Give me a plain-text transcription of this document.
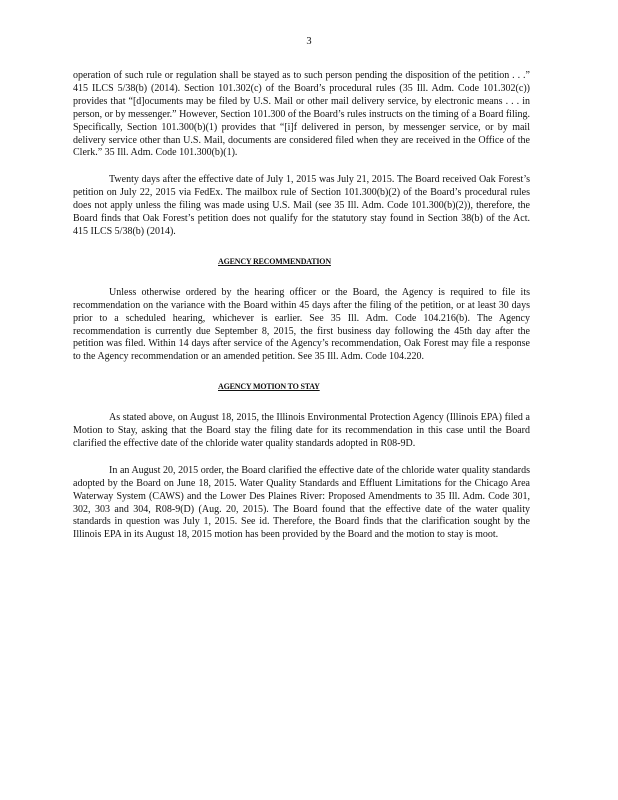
3

operation of such rule or regulation shall be stayed as to such person pending the disposition of the petition . . .” 415 ILCS 5/38(b) (2014). Section 101.302(c) of the Board’s procedural rules (35 Ill. Adm. Code 101.302(c)) provides that “[d]ocuments may be filed by U.S. Mail or other mail delivery service, by electronic means . . . in person, or by messenger.” However, Section 101.300 of the Board’s rules instructs on the timing of a Board filing. Specifically, Section 101.300(b)(1) provides that “[i]f delivered in person, by messenger service, or by mail delivery service other than U.S. Mail, documents are considered filed when they are received in the Office of the Clerk.” 35 Ill. Adm. Code 101.300(b)(1).

Twenty days after the effective date of July 1, 2015 was July 21, 2015. The Board received Oak Forest’s petition on July 22, 2015 via FedEx. The mailbox rule of Section 101.300(b)(2) of the Board’s procedural rules does not apply unless the filing was made using U.S. Mail (see 35 Ill. Adm. Code 101.300(b)(2)), therefore, the Board finds that Oak Forest’s petition does not qualify for the statutory stay found in Section 38(b) of the Act. 415 ILCS 5/38(b) (2014).

AGENCY RECOMMENDATION

Unless otherwise ordered by the hearing officer or the Board, the Agency is required to file its recommendation on the variance with the Board within 45 days after the filing of the petition, or at least 30 days prior to a scheduled hearing, whichever is earlier. See 35 Ill. Adm. Code 104.216(b). The Agency recommendation is currently due September 8, 2015, the first business day following the 45th day after the petition was filed. Within 14 days after service of the Agency’s recommendation, Oak Forest may file a response to the Agency recommendation or an amended petition. See 35 Ill. Adm. Code 104.220.

AGENCY MOTION TO STAY

As stated above, on August 18, 2015, the Illinois Environmental Protection Agency (Illinois EPA) filed a Motion to Stay, asking that the Board stay the filing date for its recommendation in this case until the Board clarified the effective date of the chloride water quality standards adopted in R08-9D.

In an August 20, 2015 order, the Board clarified the effective date of the chloride water quality standards adopted by the Board on June 18, 2015. Water Quality Standards and Effluent Limitations for the Chicago Area Waterway System (CAWS) and the Lower Des Plaines River: Proposed Amendments to 35 Ill. Adm. Code 301, 302, 303 and 304, R08-9(D) (Aug. 20, 2015). The Board found that the effective date of the water quality standards in question was July 1, 2015. See id. Therefore, the Board finds that the clarification sought by the Illinois EPA in its August 18, 2015 motion has been provided by the Board and the motion to stay is moot.
